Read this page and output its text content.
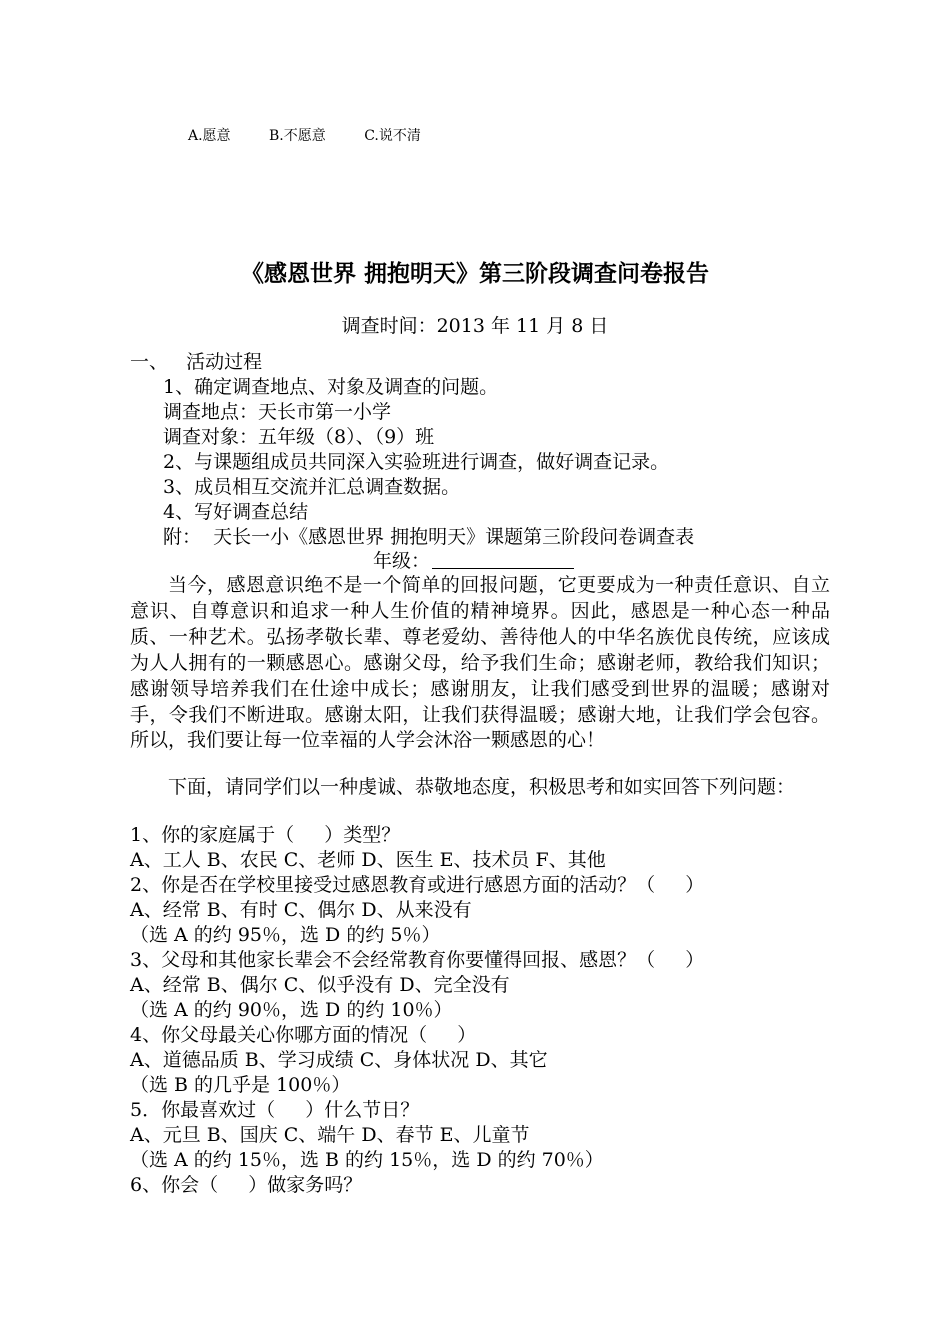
A.愿意	B.不愿意	C.说不清
《感恩世界 拥抱明天》第三阶段调查问卷报告
调查时间：2013 年 11 月 8 日
一、   活动过程
1、确定调查地点、对象及调查的问题。
调查地点：天长市第一小学
调查对象：五年级（8）、（9）班
2、与课题组成员共同深入实验班进行调查，做好调查记录。
3、成员相互交流并汇总调查数据。
4、写好调查总结
附：  天长一小《感恩世界 拥抱明天》课题第三阶段问卷调查表
年级：
当今，感恩意识绝不是一个简单的回报问题，它更要成为一种责任意识、自立意识、自尊意识和追求一种人生价值的精神境界。因此，感恩是一种心态一种品质、一种艺术。弘扬孝敬长辈、尊老爱幼、善待他人的中华名族优良传统，应该成为人人拥有的一颗感恩心。感谢父母，给予我们生命；感谢老师，教给我们知识；感谢领导培养我们在仕途中成长；感谢朋友，让我们感受到世界的温暖；感谢对手，令我们不断进取。感谢太阳，让我们获得温暖；感谢大地，让我们学会包容。所以，我们要让每一位幸福的人学会沐浴一颗感恩的心！
下面，请同学们以一种虔诚、恭敬地态度，积极思考和如实回答下列问题：
1、你的家庭属于（     ）类型？
A、工人 B、农民 C、老师 D、医生 E、技术员 F、其他
2、你是否在学校里接受过感恩教育或进行感恩方面的活动？（     ）
A、经常 B、有时 C、偶尔 D、从来没有
（选 A 的约 95％，选 D 的约 5％）
3、父母和其他家长辈会不会经常教育你要懂得回报、感恩？（     ）
A、经常 B、偶尔 C、似乎没有 D、完全没有
（选 A 的约 90％，选 D 的约 10％）
4、你父母最关心你哪方面的情况（     ）
A、道德品质 B、学习成绩 C、身体状况 D、其它
（选 B 的几乎是 100％）
5．你最喜欢过（     ）什么节日？
A、元旦 B、国庆 C、端午 D、春节 E、儿童节
（选 A 的约 15％，选 B 的约 15％，选 D 的约 70％）
6、你会（     ）做家务吗？
